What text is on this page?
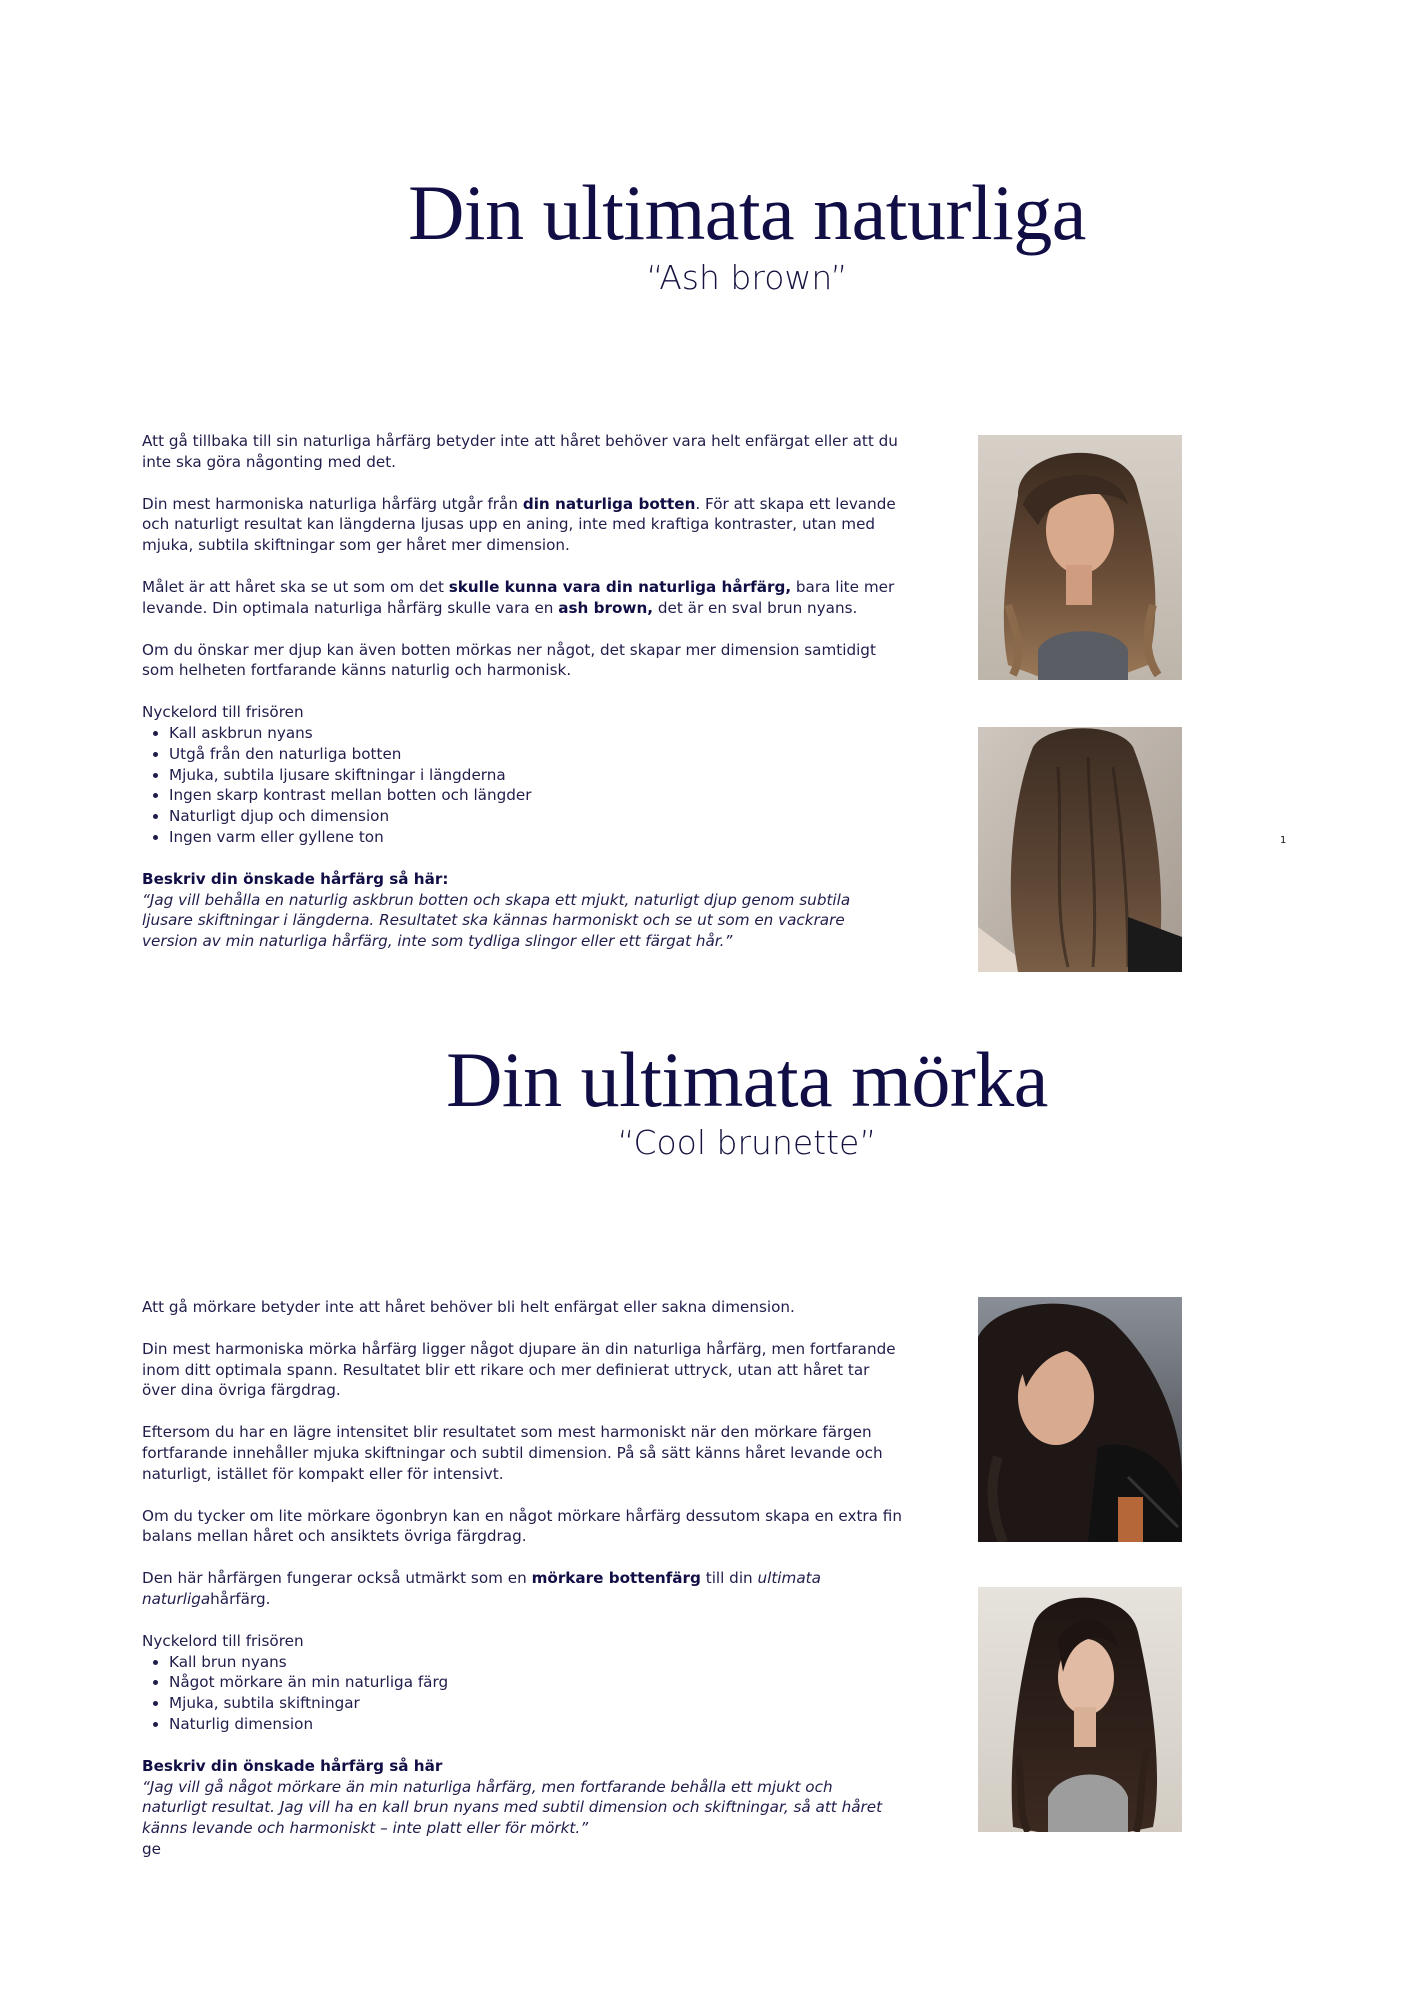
Din ultimata naturliga
“Ash brown”

Att gå tillbaka till sin naturliga hårfärg betyder inte att håret behöver vara helt enfärgat eller att du inte ska göra någonting med det.

Din mest harmoniska naturliga hårfärg utgår från din naturliga botten. För att skapa ett levande och naturligt resultat kan längderna ljusas upp en aning, inte med kraftiga kontraster, utan med mjuka, subtila skiftningar som ger håret mer dimension.

Målet är att håret ska se ut som om det skulle kunna vara din naturliga hårfärg, bara lite mer levande. Din optimala naturliga hårfärg skulle vara en ash brown, det är en sval brun nyans.

Om du önskar mer djup kan även botten mörkas ner något, det skapar mer dimension samtidigt som helheten fortfarande känns naturlig och harmonisk.

Nyckelord till frisören

• Kall askbrun nyans
• Utgå från den naturliga botten
• Mjuka, subtila ljusare skiftningar i längderna
• Ingen skarp kontrast mellan botten och längder
• Naturligt djup och dimension
• Ingen varm eller gyllene ton

Beskriv din önskade hårfärg så här:

“Jag vill behålla en naturlig askbrun botten och skapa ett mjukt, naturligt djup genom subtila ljusare skiftningar i längderna. Resultatet ska kännas harmoniskt och se ut som en vackrare version av min naturliga hårfärg, inte som tydliga slingor eller ett färgat hår.”

1
Din ultimata mörka
“Cool brunette”

Att gå mörkare betyder inte att håret behöver bli helt enfärgat eller sakna dimension.

Din mest harmoniska mörka hårfärg ligger något djupare än din naturliga hårfärg, men fortfarande inom ditt optimala spann. Resultatet blir ett rikare och mer definierat uttryck, utan att håret tar över dina övriga färgdrag.

Eftersom du har en lägre intensitet blir resultatet som mest harmoniskt när den mörkare färgen fortfarande innehåller mjuka skiftningar och subtil dimension. På så sätt känns håret levande och naturligt, istället för kompakt eller för intensivt.

Om du tycker om lite mörkare ögonbryn kan en något mörkare hårfärg dessutom skapa en extra fin balans mellan håret och ansiktets övriga färgdrag.

Den här hårfärgen fungerar också utmärkt som en mörkare bottenfärg till din ultimata naturligahårfärg.

Nyckelord till frisören

• Kall brun nyans
• Något mörkare än min naturliga färg
• Mjuka, subtila skiftningar
• Naturlig dimension

Beskriv din önskade hårfärg så här

“Jag vill gå något mörkare än min naturliga hårfärg, men fortfarande behålla ett mjukt och naturligt resultat. Jag vill ha en kall brun nyans med subtil dimension och skiftningar, så att håret känns levande och harmoniskt – inte platt eller för mörkt.”

ge
